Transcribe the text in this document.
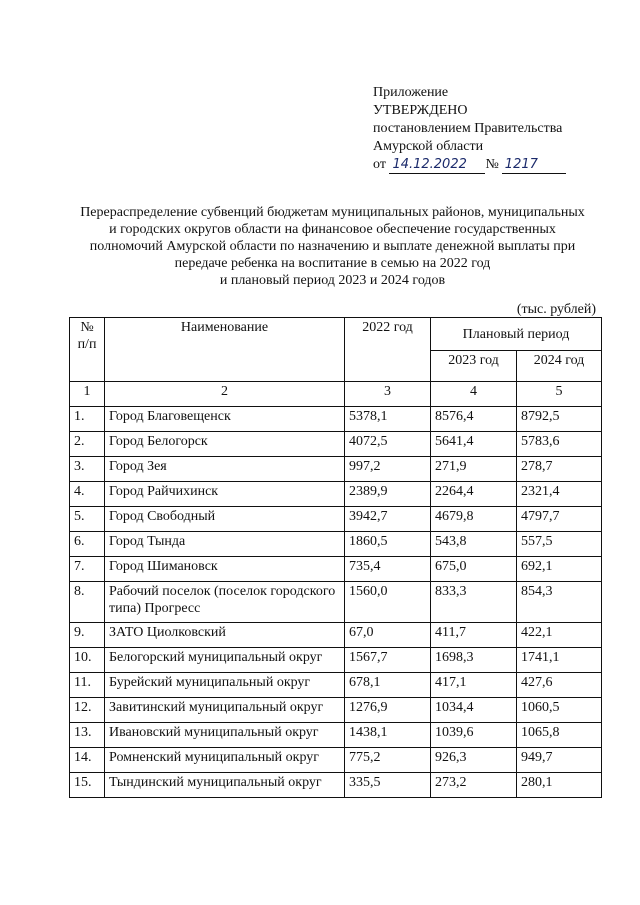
Приложение
УТВЕРЖДЕНО
постановлением Правительства
Амурской области
от
14.12.2022	№ 1217
Перераспределение субвенций бюджетам муниципальных районов, муниципальных
и городских округов области на финансовое обеспечение государственных
полномочий Амурской области по назначению и выплате денежной выплаты при
передаче ребенка на воспитание в семью на 2022 год
и плановый период 2023 и 2024 годов
(тыс. рублей)
№ п/п	Наименование	2022 год	Плановый период	
			2023 год	2024 год
1	2	3	4	5
1.	Город Благовещенск	5378,1	8576,4	8792,5
2.	Город Белогорск	4072,5	5641,4	5783,6
3.	Город Зея	997,2	271,9	278,7
4.	Город Райчихинск	2389,9	2264,4	2321,4
5.	Город Свободный	3942,7	4679,8	4797,7
6.	Город Тында	1860,5	543,8	557,5
7.	Город Шимановск	735,4	675,0	692,1
8.	Рабочий поселок (поселок городского типа) Прогресс	1560,0	833,3	854,3
9.	ЗАТО Циолковский	67,0	411,7	422,1
10.	Белогорский муниципальный округ	1567,7	1698,3	1741,1
11.	Бурейский муниципальный округ	678,1	417,1	427,6
12.	Завитинский муниципальный округ	1276,9	1034,4	1060,5
13.	Ивановский муниципальный округ	1438,1	1039,6	1065,8
14.	Ромненский муниципальный округ	775,2	926,3	949,7
15.	Тындинский муниципальный округ	335,5	273,2	280,1
